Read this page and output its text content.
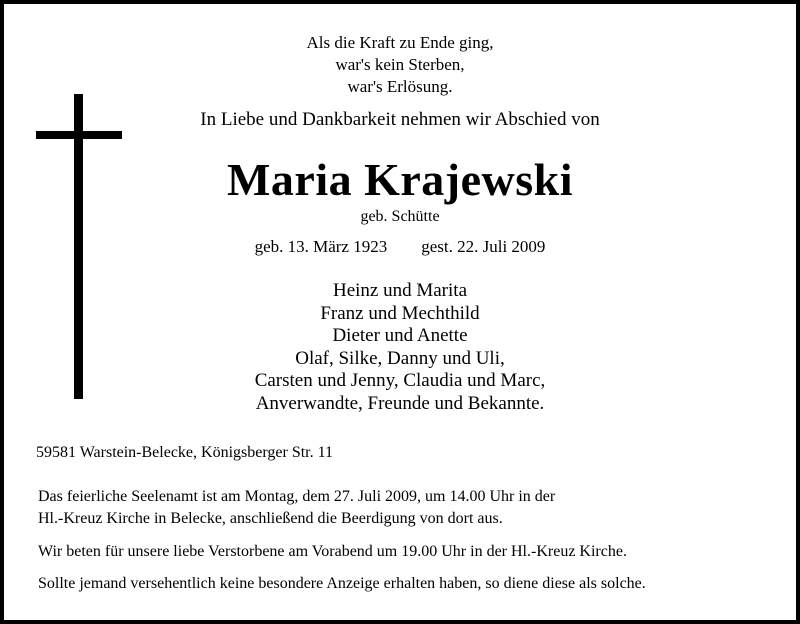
Als die Kraft zu Ende ging,
war's kein Sterben,
war's Erlösung.
In Liebe und Dankbarkeit nehmen wir Abschied von
Maria Krajewski
geb. Schütte
geb. 13. März 1923 gest. 22. Juli 2009
Heinz und Marita
Franz und Mechthild
Dieter und Anette
Olaf, Silke, Danny und Uli,
Carsten und Jenny, Claudia und Marc,
Anverwandte, Freunde und Bekannte.
59581 Warstein-Belecke, Königsberger Str. 11
Das feierliche Seelenamt ist am Montag, dem 27. Juli 2009, um 14.00 Uhr in der
Hl.-Kreuz Kirche in Belecke, anschließend die Beerdigung von dort aus.
Wir beten für unsere liebe Verstorbene am Vorabend um 19.00 Uhr in der Hl.-Kreuz Kirche.
Sollte jemand versehentlich keine besondere Anzeige erhalten haben, so diene diese als solche.
